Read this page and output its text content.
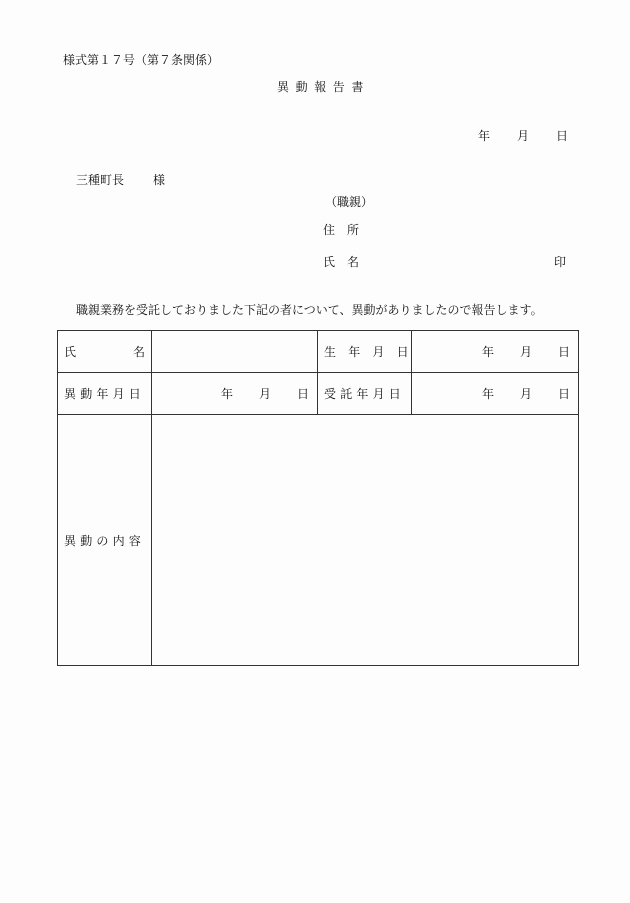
様式第１７号（第７条関係）
異動報告書
年 月 日
三種町長 様
（職親）
住　所
氏　名	印
職親業務を受託しておりました下記の者について、異動がありましたので報告します。
氏 名		生 年 月 日	年 月 日

異動年月日	年 月 日	受託年月日	年 月 日

異動の内容			
